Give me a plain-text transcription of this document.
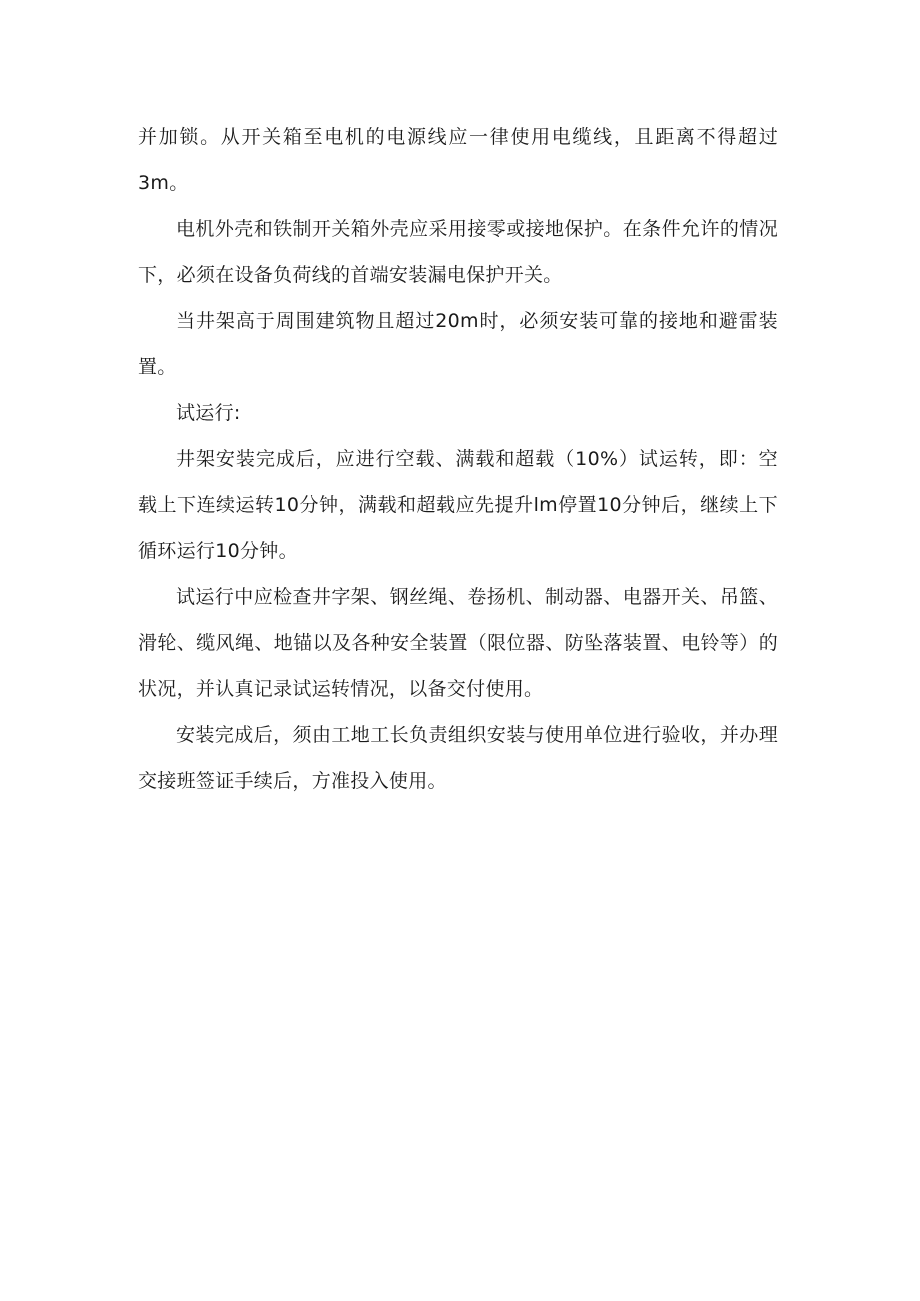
并加锁。从开关箱至电机的电源线应一律使用电缆线，且距离不得超过3m。

电机外壳和铁制开关箱外壳应采用接零或接地保护。在条件允许的情况下，必须在设备负荷线的首端安装漏电保护开关。

当井架高于周围建筑物且超过20m时，必须安装可靠的接地和避雷装置。

试运行:

井架安装完成后，应进行空载、满载和超载（10%）试运转，即：空载上下连续运转10分钟，满载和超载应先提升lm停置10分钟后，继续上下循环运行10分钟。

试运行中应检查井字架、钢丝绳、卷扬机、制动器、电器开关、吊篮、滑轮、缆风绳、地锚以及各种安全装置（限位器、防坠落装置、电铃等）的状况，并认真记录试运转情况，以备交付使用。

安装完成后，须由工地工长负责组织安装与使用单位进行验收，并办理交接班签证手续后，方准投入使用。
